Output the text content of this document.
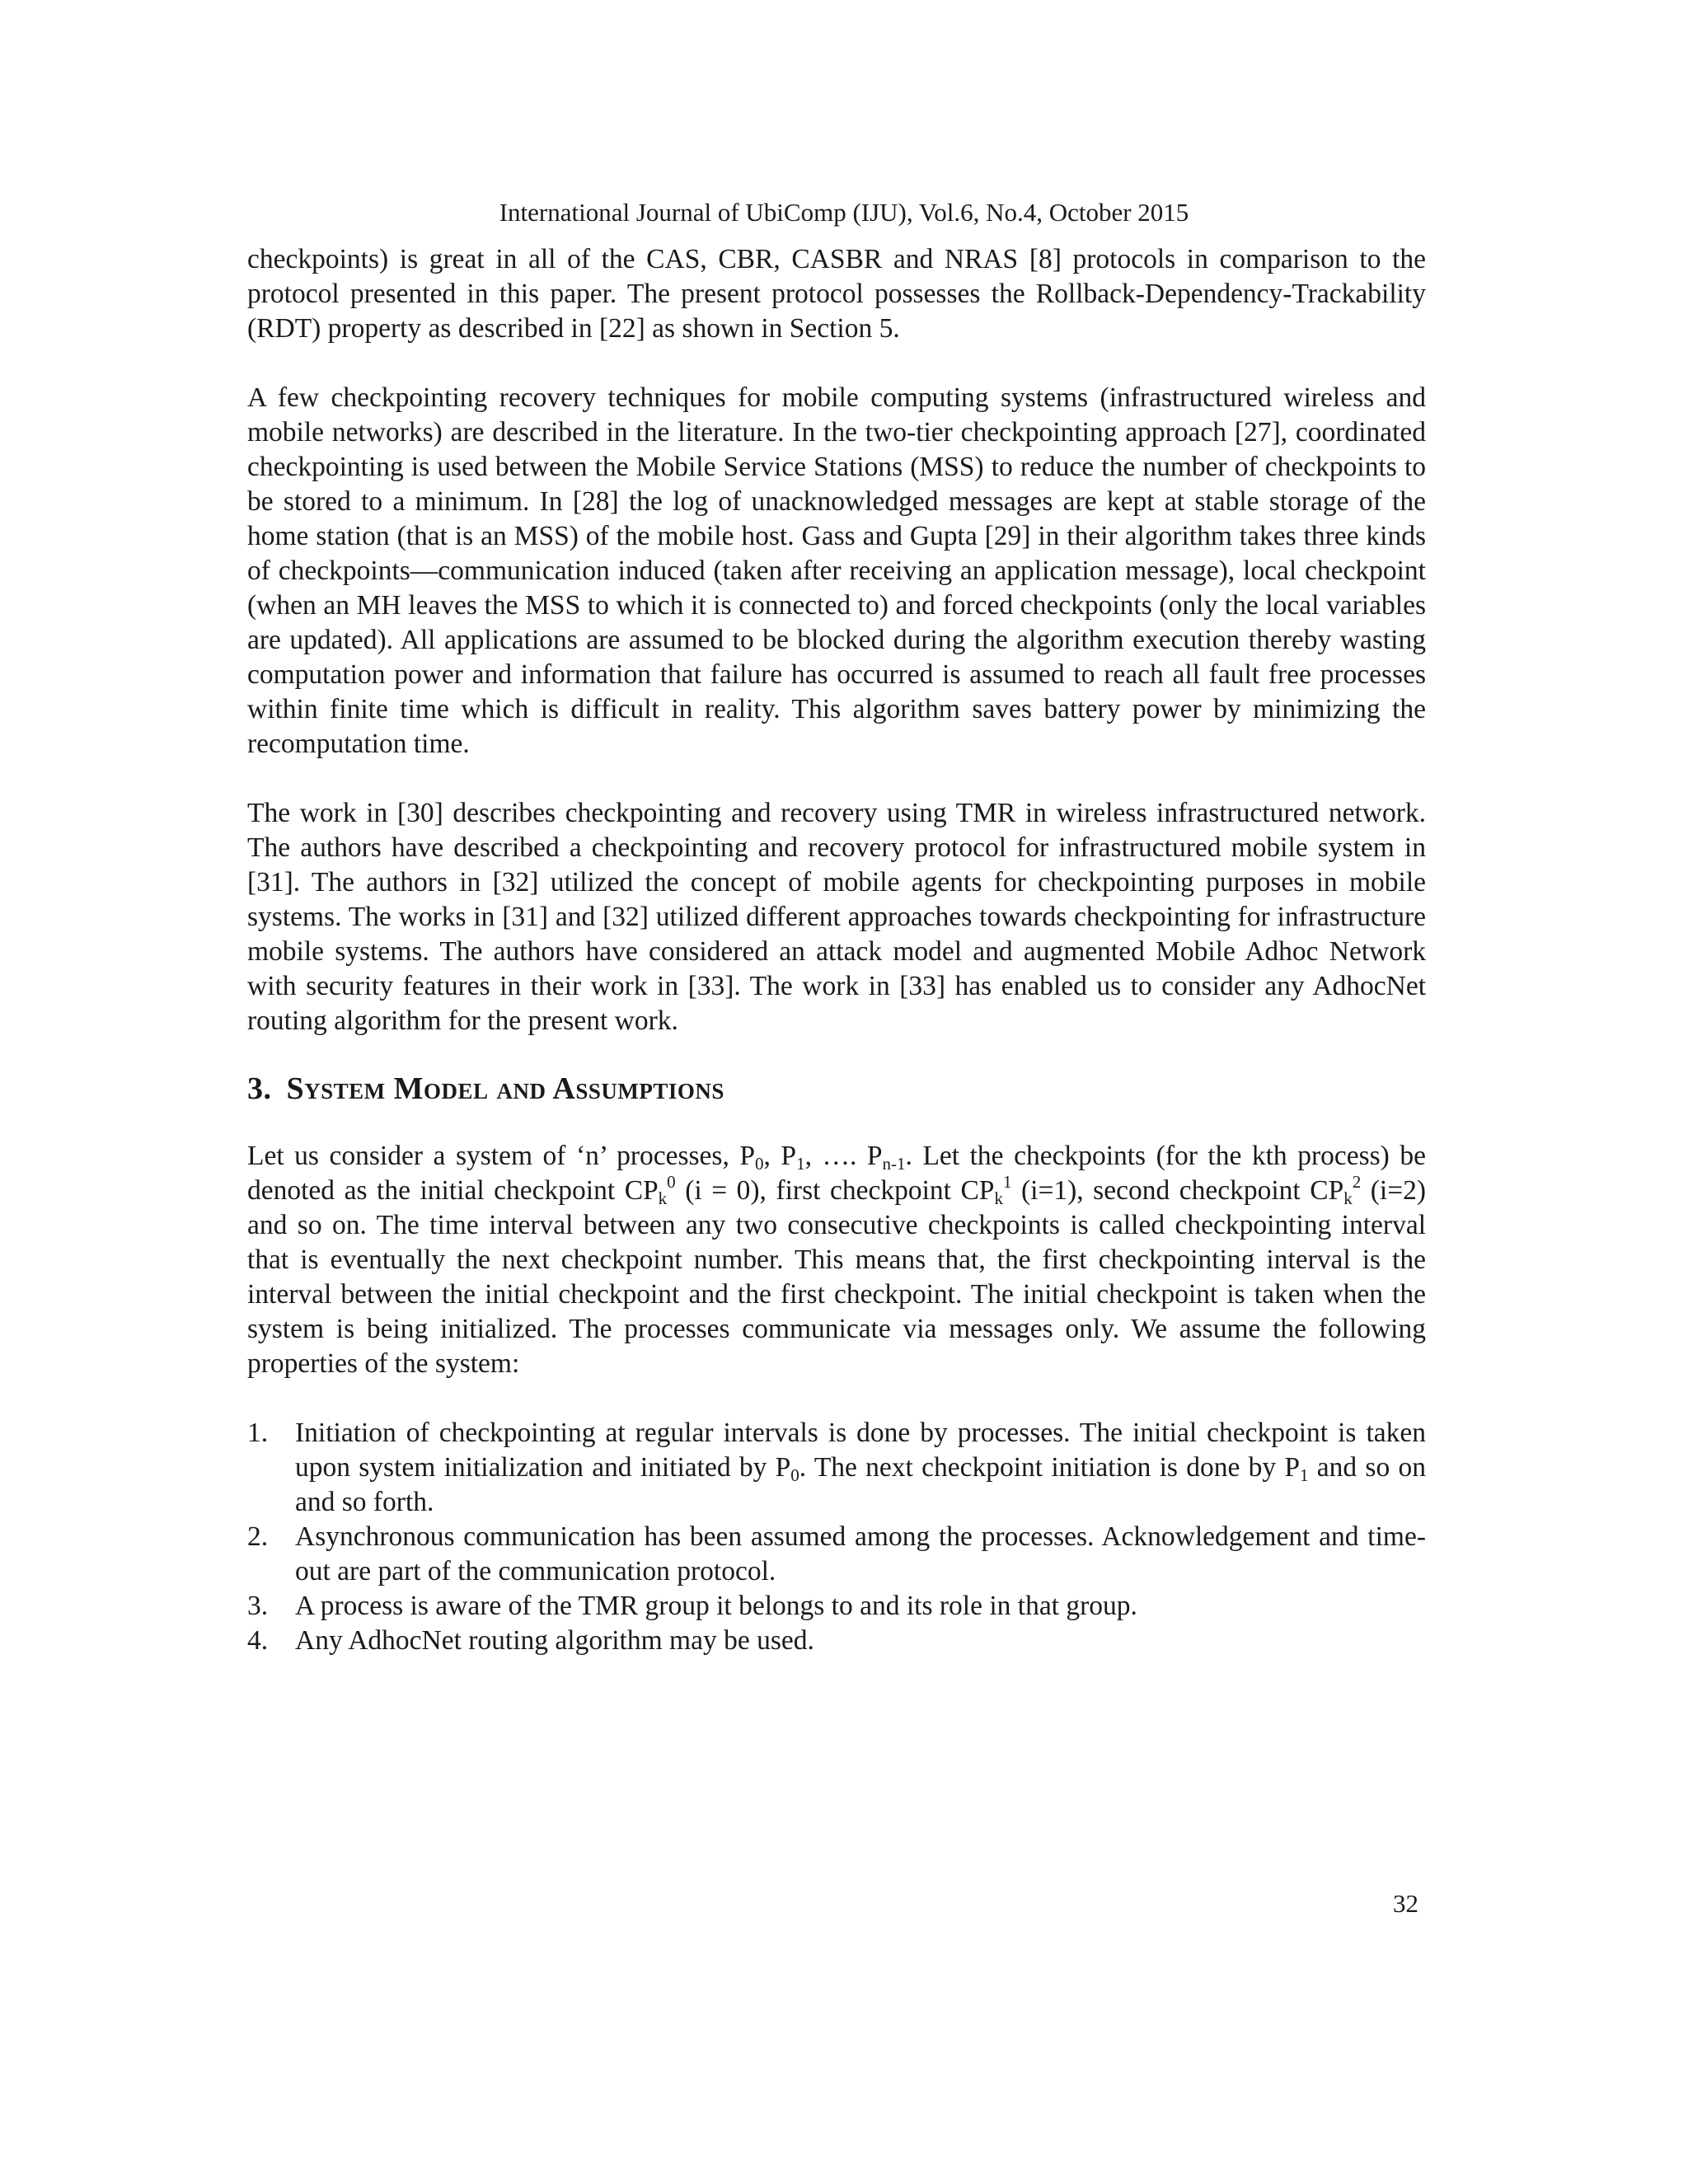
International Journal of UbiComp (IJU), Vol.6, No.4, October 2015

checkpoints) is great in all of the CAS, CBR, CASBR and NRAS [8] protocols in comparison to the protocol presented in this paper. The present protocol possesses the Rollback-Dependency-Trackability (RDT) property as described in [22] as shown in Section 5.

A few checkpointing recovery techniques for mobile computing systems (infrastructured wireless and mobile networks) are described in the literature. In the two-tier checkpointing approach [27], coordinated checkpointing is used between the Mobile Service Stations (MSS) to reduce the number of checkpoints to be stored to a minimum. In [28] the log of unacknowledged messages are kept at stable storage of the home station (that is an MSS) of the mobile host. Gass and Gupta [29] in their algorithm takes three kinds of checkpoints—communication induced (taken after receiving an application message), local checkpoint (when an MH leaves the MSS to which it is connected to) and forced checkpoints (only the local variables are updated). All applications are assumed to be blocked during the algorithm execution thereby wasting computation power and information that failure has occurred is assumed to reach all fault free processes within finite time which is difficult in reality. This algorithm saves battery power by minimizing the recomputation time.

The work in [30] describes checkpointing and recovery using TMR in wireless infrastructured network. The authors have described a checkpointing and recovery protocol for infrastructured mobile system in [31]. The authors in [32] utilized the concept of mobile agents for checkpointing purposes in mobile systems. The works in [31] and [32] utilized different approaches towards checkpointing for infrastructure mobile systems. The authors have considered an attack model and augmented Mobile Adhoc Network with security features in their work in [33]. The work in [33] has enabled us to consider any AdhocNet routing algorithm for the present work.

3. System Model and Assumptions

Let us consider a system of ‘n’ processes, $P_0$, $P_1$, …. $P_{n-1}$. Let the checkpoints (for the kth process) be denoted as the initial checkpoint $CP_k^0$ (i = 0), first checkpoint $CP_k^1$ (i=1), second checkpoint $CP_k^2$ (i=2) and so on. The time interval between any two consecutive checkpoints is called checkpointing interval that is eventually the next checkpoint number. This means that, the first checkpointing interval is the interval between the initial checkpoint and the first checkpoint. The initial checkpoint is taken when the system is being initialized. The processes communicate via messages only. We assume the following properties of the system:

1. Initiation of checkpointing at regular intervals is done by processes. The initial checkpoint is taken upon system initialization and initiated by $P_0$. The next checkpoint initiation is done by $P_1$ and so on and so forth.
2. Asynchronous communication has been assumed among the processes. Acknowledgement and time-out are part of the communication protocol.
3. A process is aware of the TMR group it belongs to and its role in that group.
4. Any AdhocNet routing algorithm may be used.
32
